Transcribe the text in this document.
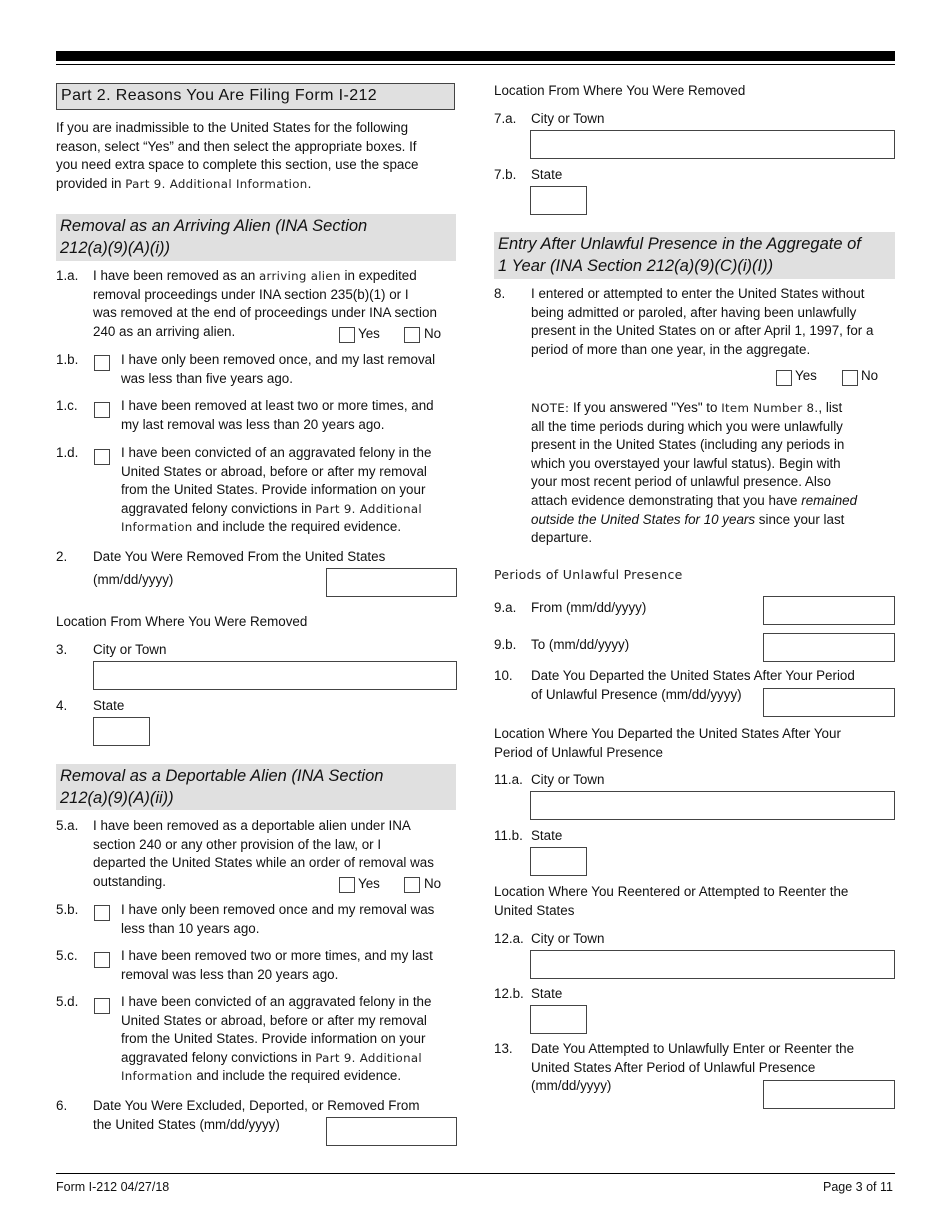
Part 2. Reasons You Are Filing Form I-212
If you are inadmissible to the United States for the following
reason, select “Yes” and then select the appropriate boxes. If
you need extra space to complete this section, use the space
provided in Part 9. Additional Information.
Removal as an Arriving Alien (INA Section
212(a)(9)(A)(i))
1.a. I have been removed as an arriving alien in expedited
removal proceedings under INA section 235(b)(1) or I
was removed at the end of proceedings under INA section
240 as an arriving alien.	Yes	No
1.b.	I have only been removed once, and my last removal
was less than five years ago.
1.c.	I have been removed at least two or more times, and
my last removal was less than 20 years ago.
1.d.	I have been convicted of an aggravated felony in the
United States or abroad, before or after my removal
from the United States. Provide information on your
aggravated felony convictions in Part 9. Additional
Information and include the required evidence.
2. Date You Were Removed From the United States
(mm/dd/yyyy)
Location From Where You Were Removed
3. City or Town
4. State
Removal as a Deportable Alien (INA Section
212(a)(9)(A)(ii))
5.a. I have been removed as a deportable alien under INA
section 240 or any other provision of the law, or I
departed the United States while an order of removal was
outstanding.	Yes	No
5.b.	I have only been removed once and my removal was
less than 10 years ago.
5.c.	I have been removed two or more times, and my last
removal was less than 20 years ago.
5.d.	I have been convicted of an aggravated felony in the
United States or abroad, before or after my removal
from the United States. Provide information on your
aggravated felony convictions in Part 9. Additional
Information and include the required evidence.
6. Date You Were Excluded, Deported, or Removed From
the United States (mm/dd/yyyy)
Location From Where You Were Removed
7.a. City or Town
7.b. State
Entry After Unlawful Presence in the Aggregate of
1 Year (INA Section 212(a)(9)(C)(i)(I))
8. I entered or attempted to enter the United States without
being admitted or paroled, after having been unlawfully
present in the United States on or after April 1, 1997, for a
period of more than one year, in the aggregate.
Yes	No
NOTE: If you answered "Yes" to Item Number 8., list
all the time periods during which you were unlawfully
present in the United States (including any periods in
which you overstayed your lawful status). Begin with
your most recent period of unlawful presence. Also
attach evidence demonstrating that you have remained
outside the United States for 10 years since your last
departure.
Periods of Unlawful Presence
9.a. From (mm/dd/yyyy)
9.b. To (mm/dd/yyyy)
10. Date You Departed the United States After Your Period
of Unlawful Presence (mm/dd/yyyy)
Location Where You Departed the United States After Your
Period of Unlawful Presence
11.a. City or Town
11.b. State
Location Where You Reentered or Attempted to Reenter the
United States
12.a. City or Town
12.b. State
13. Date You Attempted to Unlawfully Enter or Reenter the
United States After Period of Unlawful Presence
(mm/dd/yyyy)
Form I-212 04/27/18	Page 3 of 11
